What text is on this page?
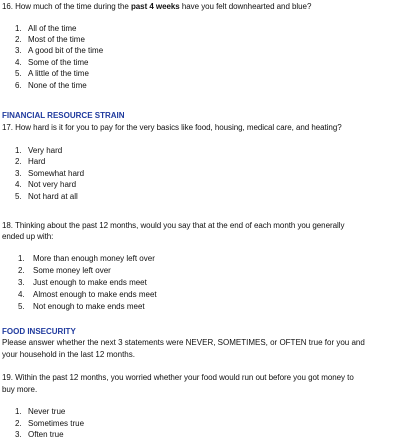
16. How much of the time during the past 4 weeks have you felt downhearted and blue?
1. All of the time
2. Most of the time
3. A good bit of the time
4. Some of the time
5. A little of the time
6. None of the time
FINANCIAL RESOURCE STRAIN
17. How hard is it for you to pay for the very basics like food, housing, medical care, and heating?
1. Very hard
2. Hard
3. Somewhat hard
4. Not very hard
5. Not hard at all
18. Thinking about the past 12 months, would you say that at the end of each month you generally
ended up with:
1.	More than enough money left over
2.	Some money left over
3.	Just enough to make ends meet
4.	Almost enough to make ends meet
5.	Not enough to make ends meet
FOOD INSECURITY
Please answer whether the next 3 statements were NEVER, SOMETIMES, or OFTEN true for you and
your household in the last 12 months.
19. Within the past 12 months, you worried whether your food would run out before you got money to
buy more.
1. Never true
2. Sometimes true
3. Often true
